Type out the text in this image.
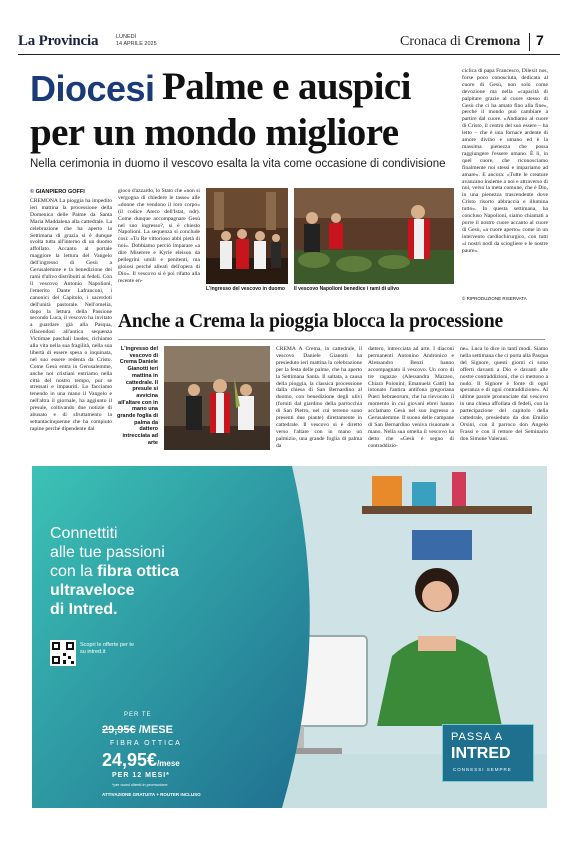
La Provincia	LUNEDÌ
14 APRILE 2025	Cronaca di Cremona 7
Diocesi Palme e auspici
per un mondo migliore
Nella cerimonia in duomo il vescovo esalta la vita come occasione di condivisione
© GIANPIERO GOFFI
CREMONA La pioggia ha impedito ieri mattina la processione della Domenica delle Palme da Santa Maria Maddalena alla cattedrale. La celebrazione che ha aperto la Settimana di grazia si è dunque svolta tutta all'interno di un duomo affollato. Accanto al portale maggiore la lettura del Vangelo dell'ingresso di Gesù a Gerusalemme e la benedizione dei rami d'ulivo distribuiti ai fedeli. Con il vescovo Antonio Napolioni, l'emerito Dante Lafranconi, i canonici del Capitolo, i sacerdoti dell'unità pastorale. Nell'omelia, dopo la lettura della Passione secondo Luca, il vescovo ha invitato a guardare già alla Pasqua, rifacendosi all'antica sequenza Victimae paschali laudes, richiamo alla vita nella sua fragilità, nella sua libertà di essere spesa o inquinata, nel suo essere redenta da Cristo. Come Gesù entra in Gerusalemme, anche noi cristiani entriamo nella città del nostro tempo, pur se stressati e impauriti. Lo facciamo tenendo in una mano il Vangelo e nell'altra il giornale, ha aggiunto il presule, coltivando due notizie di abusato e di sfruttamento la settantacinquenne che ha compiuto rapine perché dipendente dal
gioco d'azzardo, lo Stato che «non si vergogna di chiedere le tasse» alle «donne che vendono il loro corpo» (il codice Ateco dell'Istat, ndr). Come dunque accompagnare Gesù nel suo ingresso?, si è chiesto Napolioni. La sequenza si conclude così: «Tu Re vittorioso abbi pietà di noi». Dobbiamo perciò imparare «a dire Miserere e Kyrie eleison da pellegrini umili e penitenti, ma gioiosi perché alleati dell'opera di Dio». Il vescovo si è poi rifatto alla recente en-
ciclica di papa Francesco, Dilexit nos, forse poco conosciuta, dedicata al cuore di Gesù, non solo come devozione ma nella «capacità di palpitare grazie al cuore stesso di Gesù che ci ha amato fino alla fine», perché il mondo può cambiare a partire dal cuore. «Andiamo al cuore di Cristo, il centro del suo essere – ha letto – che è una fornace ardente di amore divino e umano ed è la massima pienezza che possa raggiungere l'essere umano. È lì, in quel cuore, che riconosciamo finalmente noi stessi e impariamo ad amare». E ancora: «Tutte le creature avanzano insieme a noi e attraverso di noi, verso la meta comune, che è Dio, in una pienezza trascendente dove Cristo risorto abbraccia e illumina tutto». In questa settimana, ha concluso Napolioni, siamo chiamati a porre il nostro cuore accanto al cuore di Gesù, «a cuore aperto» come in un intervento cardiochirurgico, con tutti «i nostri nodi da sciogliere e le nostre paure».
© RIPRODUZIONE RISERVATA
L'ingresso del vescovo in duomo Il vescovo Napolioni benedice i rami di ulivo
Anche a Crema la pioggia blocca la processione
L'ingresso del vescovo di Crema Daniele Gianotti ieri mattina in cattedrale. Il presule si avvicina all'altare con in mano una grande foglia di palma da dattero intrecciata ad arte
CREMA A Crema, in cattedrale, il vescovo Daniele Gianotti ha presieduto ieri mattina la celebrazione per la festa delle palme, che ha aperto la Settimana Santa. Il saltata, a causa della pioggia, la classica processione dalla chiesa di San Bernardino al duomo, con benedizione degli ulivi (forniti dal giardino della parrocchia di San Pietro, nel cui terreno sono presenti due piante) direttamente in cattedrale. Il vescovo si è diretto verso l'altare con in mano un palmizio, una grande foglia di palma da
dattero, intrecciata ad arte. I diaconi permanenti Antonino Andronico e Alessandro Benzi hanno accompagnato il vescovo. Un coro di tre ragazze (Alessandra Mazzeo, Chiara Polonini, Emanuela Gatti) ha intonato l'antica antifona gregoriana Pueri hebraeorum, che ha rievocato il momento in cui giovani ebrei hanno acclamato Gesù nel suo ingresso a Gerusalemme. Il suono delle campane di San Bernardino veniva risuonate a mano. Nella sua omelia il vescovo ha detto che «Gesù è segno di contraddizio-
ne». Luca lo dice in tanti modi. Siamo nella settimana che ci porta alla Pasqua del Signore, questi giorni ci sono offerti davanti a Dio e davanti alle nostre contraddizioni, che ci mettono a nudo. Il Signore è fonte di ogni speranza e di ogni contraddizione». Al ultime parole pronunciate dal vescovo in una chiesa affollata di fedeli, con la partecipazione del capitolo della cattedrale, presieduto da don Emilio Orsini, con il parroco don Angelo Frassi e con il rettore del Seminario don Simone Valerani.
Connettiti
alle tue passioni
con la fibra ottica
ultraveloce
di Intred.
Scopri le offerte per te su intred.it
PER TE
29,95€ /MESE
FIBRA OTTICA
24,95€/mese
PER 12 MESI*
*per nuovi clienti in promozione
ATTIVAZIONE GRATUITA + ROUTER INCLUSO
PASSA A
INTRED
CONNESSI SEMPRE
